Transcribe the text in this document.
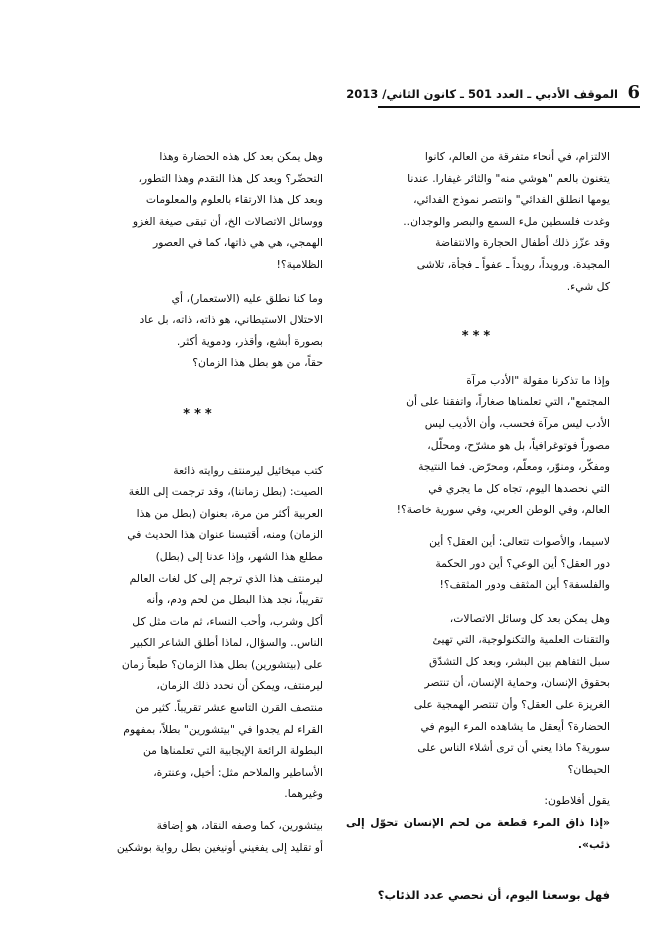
6
الموقف الأدبي ـ العدد 501 ـ كانون الثاني/ 2013

الالتزام، في أنحاء متفرقة من العالم، كانوا

يتغنون بالعم "هوشي منه" والثائر غيفارا. عندنا

يومها انطلق الفدائي" وانتصر نموذج الفدائي،

وغدت فلسطين ملء السمع والبصر والوجدان..

وقد عزّز ذلك أطفال الحجارة والانتفاضة

المجيدة. ورويداً، رويداً ـ عفواً ـ فجأة، تلاشى

كل شيء.

***

وإذا ما تذكرنا مقولة "الأدب مرآة

المجتمع"، التي تعلمناها صغاراً، واتفقنا على أن

الأدب ليس مرآة فحسب، وأن الأديب ليس

مصوراً فوتوغرافياً، بل هو مشرّح، ومحلّل،

ومفكّر، ومنوّر، ومعلّم، ومحرّض. فما النتيجة

التي نحصدها اليوم، تجاه كل ما يجري في

العالم، وفي الوطن العربي، وفي سورية خاصة؟!

لاسيما، والأصوات تتعالى: أين العقل؟ أين

دور العقل؟ أين الوعي؟ أين دور الحكمة

والفلسفة؟ أين المثقف ودور المثقف؟!

وهل يمكن بعد كل وسائل الاتصالات،

والتقنات العلمية والتكنولوجية، التي تهيئ

سبل التفاهم بين البشر، وبعد كل التشدّق

بحقوق الإنسان، وحماية الإنسان، أن تنتصر

الغريزة على العقل؟ وأن تنتصر الهمجية على

الحضارة؟ أيعقل ما يشاهده المرء اليوم في

سورية؟ ماذا يعني أن ترى أشلاء الناس على

الحيطان؟

يقول أفلاطون:

«إذا ذاق المرء قطعة من لحم الإنسان تحوّل إلى ذئب».

فهل بوسعنا اليوم، أن نحصي عدد الذئاب؟

وهل يمكن بعد كل هذه الحضارة وهذا

التحضّر؟ وبعد كل هذا التقدم وهذا التطور،

وبعد كل هذا الارتقاء بالعلوم والمعلومات

ووسائل الاتصالات الخ، أن تبقى صيغة الغزو

الهمجي، هي هي ذاتها، كما في العصور

الظلامية؟!

وما كنا نطلق عليه (الاستعمار)، أي

الاحتلال الاستيطاني، هو ذاته، ذاته، بل عاد

بصورة أبشع، وأقذر، ودموية أكثر.

حقاً، من هو بطل هذا الزمان؟

***

كتب ميخائيل ليرمنتف روايته ذائعة

الصيت: (بطل زماننا)، وقد ترجمت إلى اللغة

العربية أكثر من مرة، بعنوان (بطل من هذا

الزمان) ومنه، أقتبسنا عنوان هذا الحديث في

مطلع هذا الشهر، وإذا عدنا إلى (بطل)

ليرمنتف هذا الذي ترجم إلى كل لغات العالم

تقريباً، نجد هذا البطل من لحم ودم، وأنه

أكل وشرب، وأحب النساء، ثم مات مثل كل

الناس.. والسؤال، لماذا أطلق الشاعر الكبير

على (بيتشورين) بطل هذا الزمان؟ طبعاً زمان

ليرمنتف، ويمكن أن نحدد ذلك الزمان،

منتصف القرن التاسع عشر تقريباً. كثير من

القراء لم يجدوا في "بيتشورين" بطلاً، بمفهوم

البطولة الرائعة الإيجابية التي تعلمناها من

الأساطير والملاحم مثل: أخيل، وعنترة،

وغيرهما.

بيتشورين، كما وصفه النقاد، هو إضافة

أو تقليد إلى يفغيني أونيغين بطل رواية بوشكين
